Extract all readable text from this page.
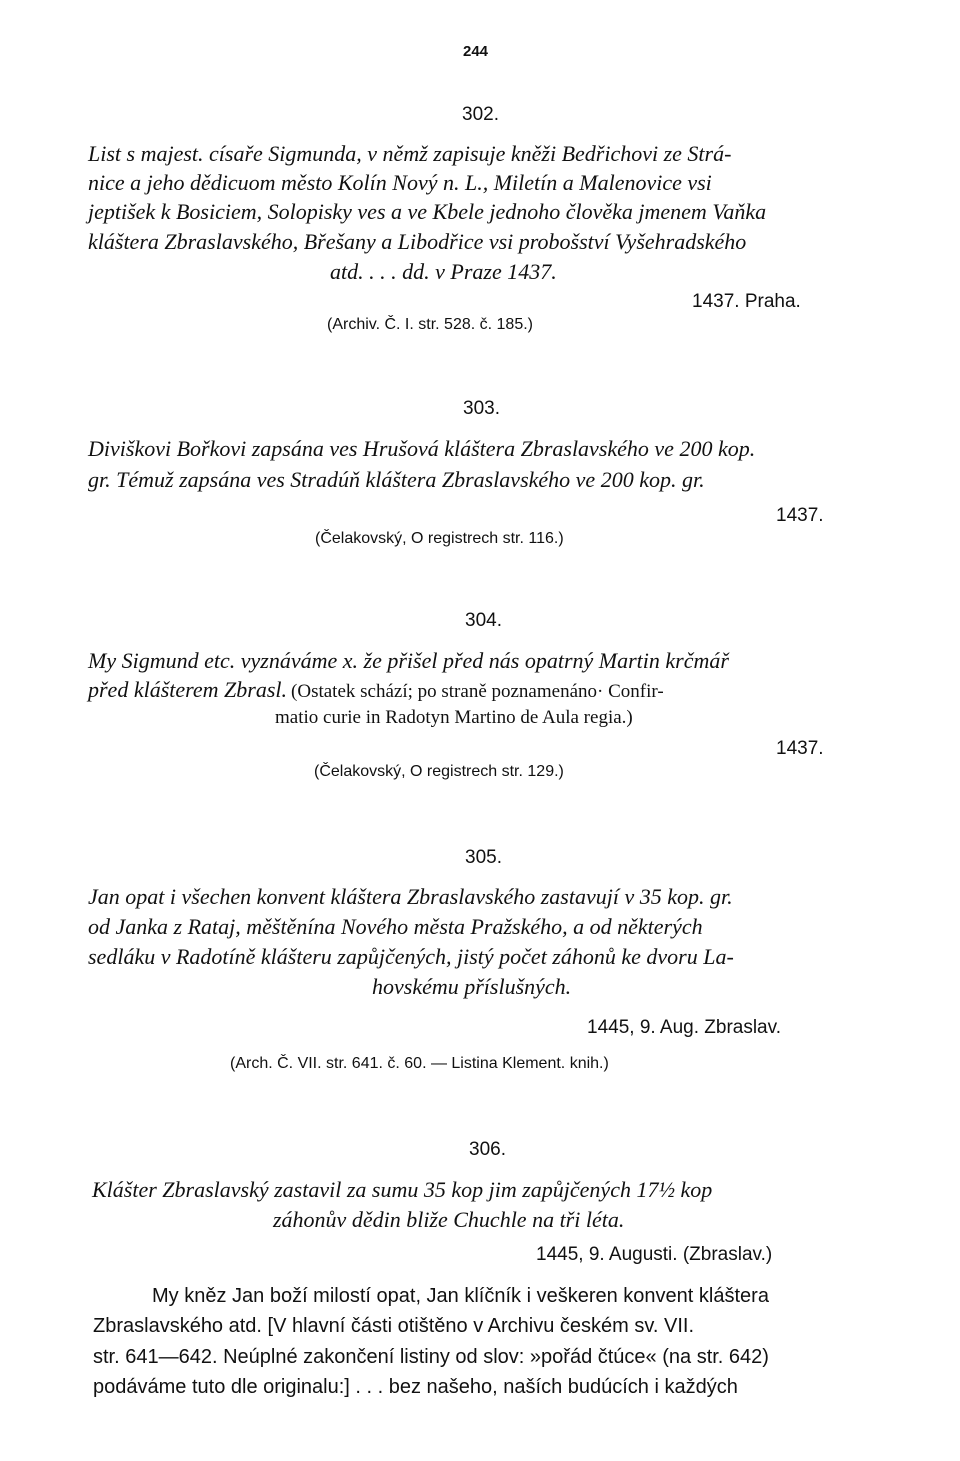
244
302.
List s majest. císaře Sigmunda, v němž zapisuje kněži Bedřichovi ze Strá-
nice a jeho dědicuom město Kolín Nový n. L., Miletín a Malenovice vsi
jeptišek k Bosiciem, Solopisky ves a ve Kbele jednoho člověka jmenem Vaňka
kláštera Zbraslavského, Břešany a Libodřice vsi probošství Vyšehradského
atd. . . . dd. v Praze 1437.
1437. Praha.
(Archiv. Č. I. str. 528. č. 185.)
303.
Diviškovi Bořkovi zapsána ves Hrušová kláštera Zbraslavského ve 200 kop.
gr. Témuž zapsána ves Stradúň kláštera Zbraslavského ve 200 kop. gr.
1437.
(Čelakovský, O registrech str. 116.)
304.
My Sigmund etc. vyznáváme x. že přišel před nás opatrný Martin krčmář
před klášterem Zbrasl. (Ostatek schází; po straně poznamenáno· Confir-
matio curie in Radotyn Martino de Aula regia.)
1437.
(Čelakovský, O registrech str. 129.)
305.
Jan opat i všechen konvent kláštera Zbraslavského zastavují v 35 kop. gr.
od Janka z Rataj, měštěnína Nového města Pražského, a od některých
sedláku v Radotíně klášteru zapůjčených, jistý počet záhonů ke dvoru La-
hovskému příslušných.
1445, 9. Aug. Zbraslav.
(Arch. Č. VII. str. 641. č. 60. — Listina Klement. knih.)
306.
Klášter Zbraslavský zastavil za sumu 35 kop jim zapůjčených 17½ kop
záhonův dědin bliže Chuchle na tři léta.
1445, 9. Augusti. (Zbraslav.)
My kněz Jan boží milostí opat, Jan klíčník i veškeren konvent kláštera
Zbraslavského atd. [V hlavní části otištěno v Archivu českém sv. VII.
str. 641—642. Neúplné zakončení listiny od slov: »pořád čtúce« (na str. 642)
podáváme tuto dle originalu:] . . . bez našeho, naších budúcích i každých
